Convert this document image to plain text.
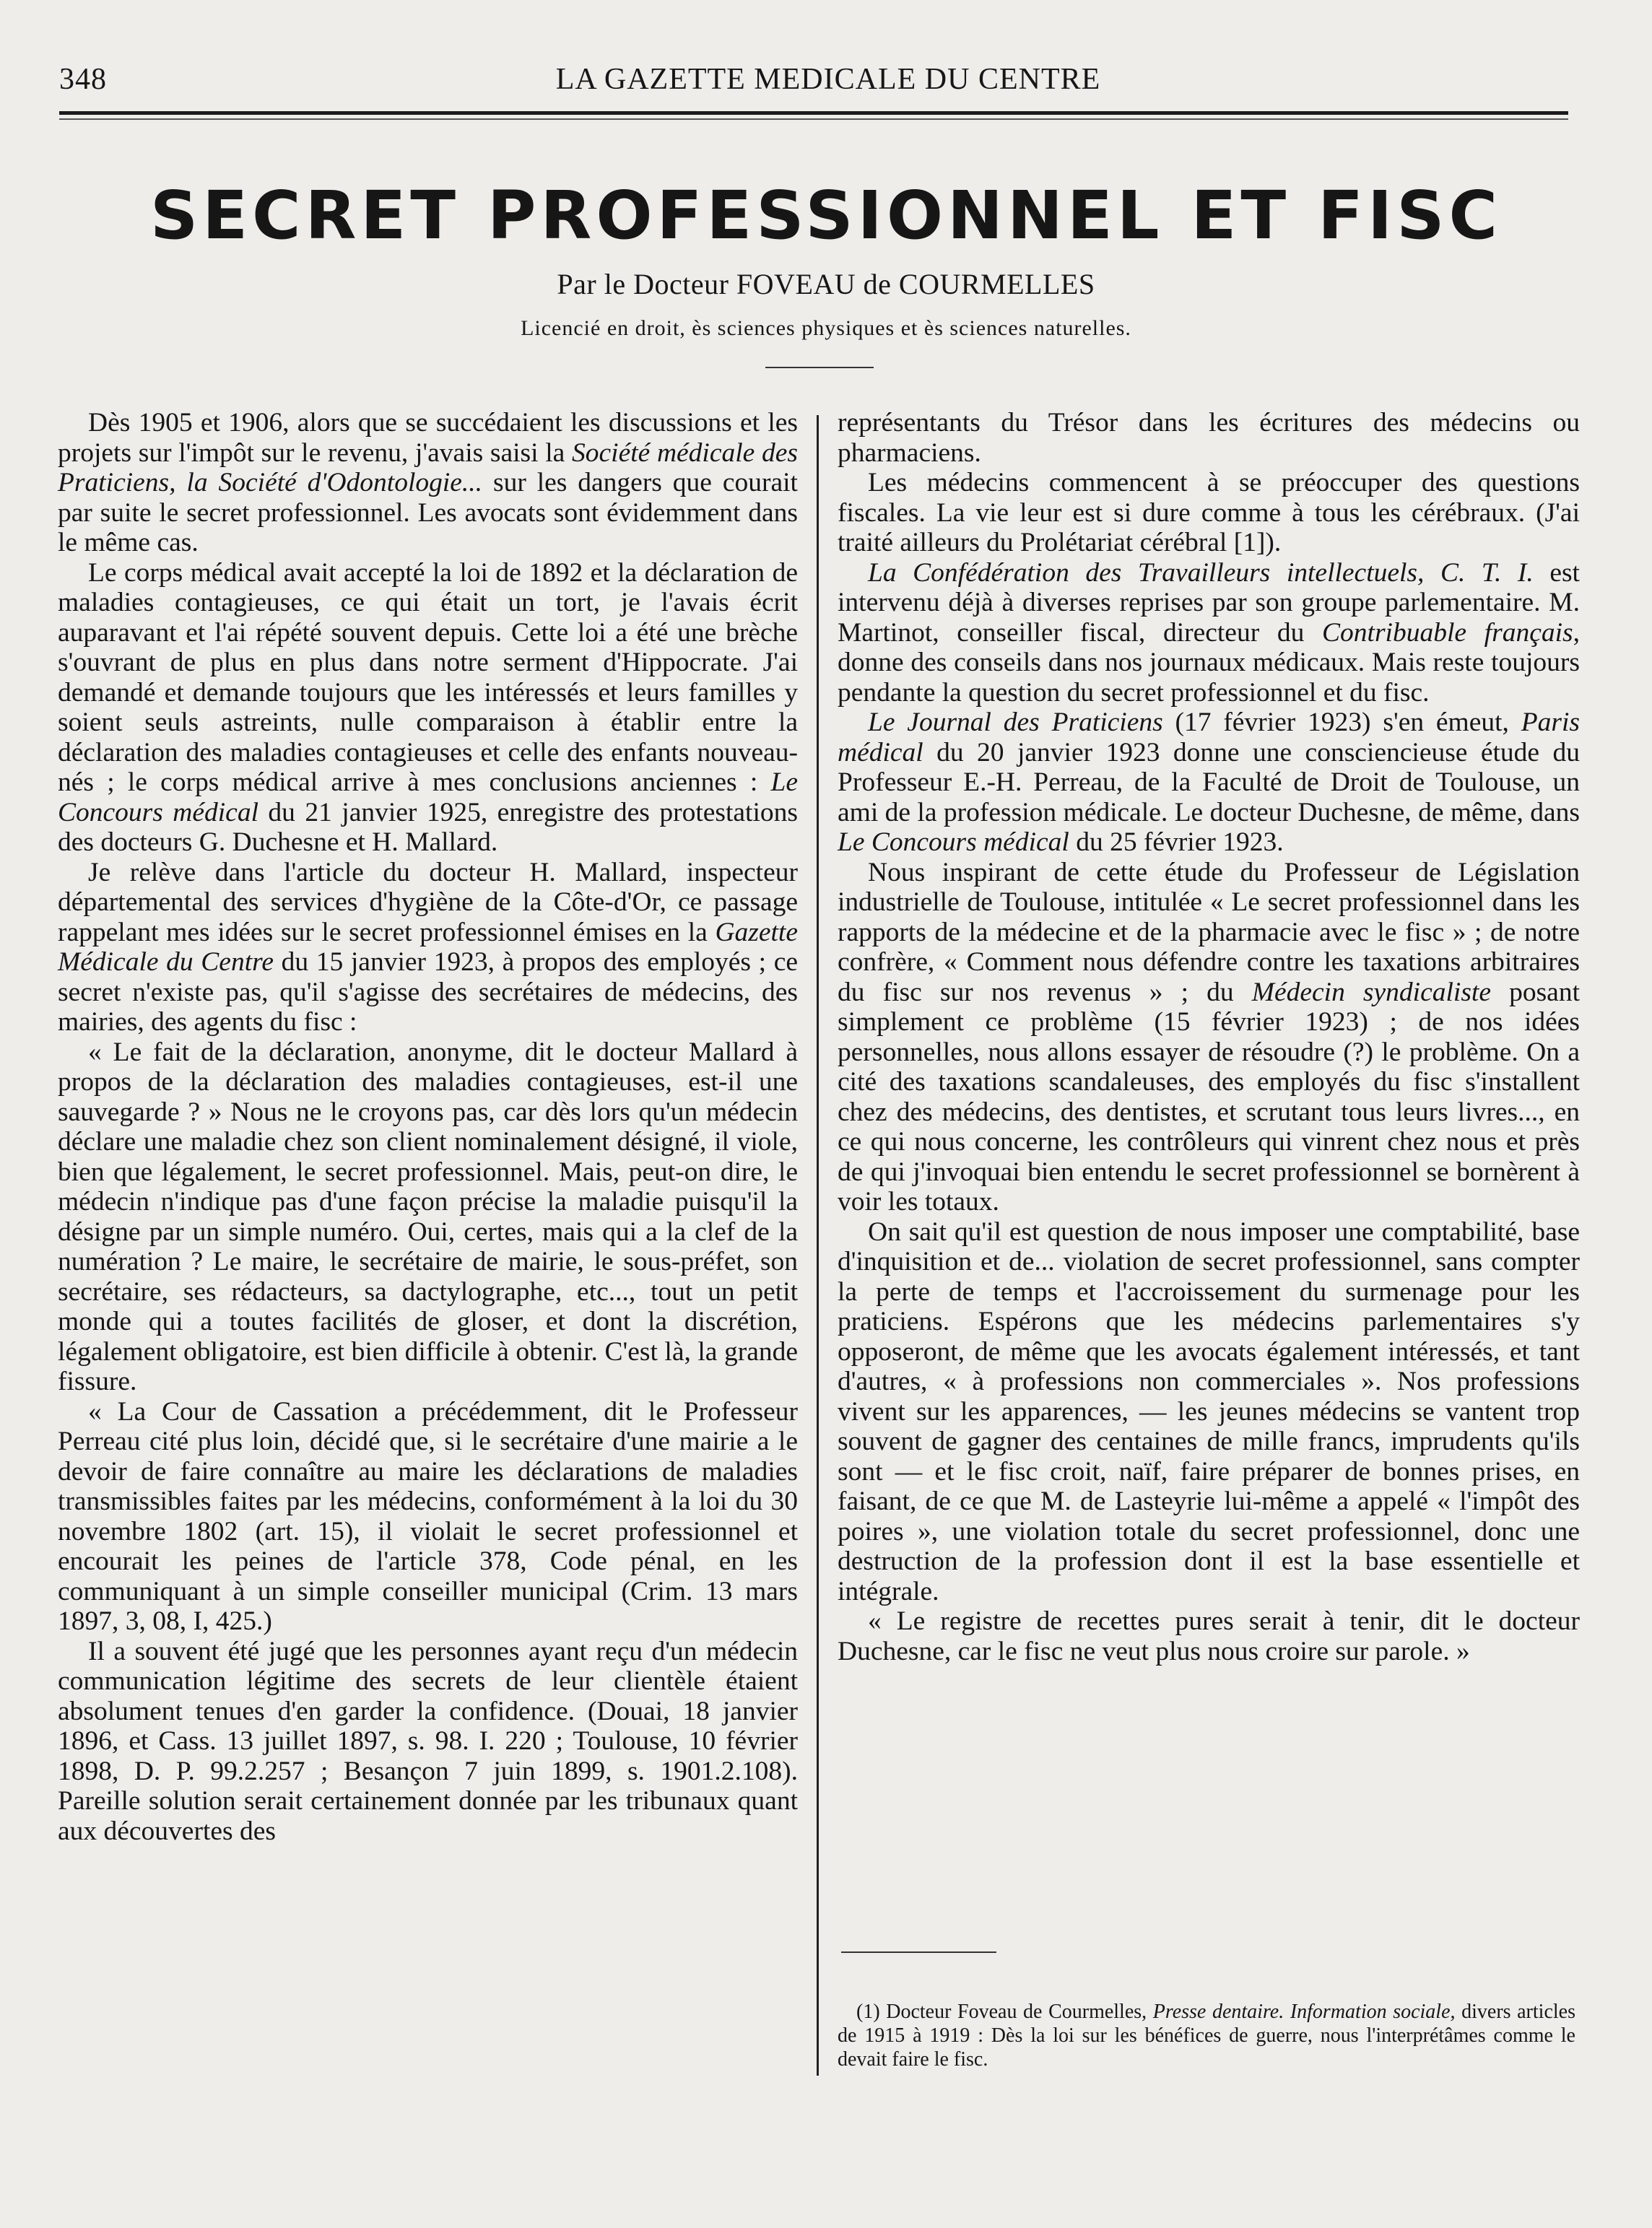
348	LA GAZETTE MEDICALE DU CENTRE
SECRET PROFESSIONNEL ET FISC
Par le Docteur FOVEAU de COURMELLES
Licencié en droit, ès sciences physiques et ès sciences naturelles.

Dès 1905 et 1906, alors que se succédaient les discussions et les projets sur l'impôt sur le revenu, j'avais saisi la Société médicale des Praticiens, la Société d'Odontologie... sur les dangers que courait par suite le secret professionnel. Les avocats sont évidemment dans le même cas.

Le corps médical avait accepté la loi de 1892 et la déclaration de maladies contagieuses, ce qui était un tort, je l'avais écrit auparavant et l'ai répété souvent depuis. Cette loi a été une brèche s'ouvrant de plus en plus dans notre serment d'Hippocrate. J'ai demandé et demande toujours que les intéressés et leurs familles y soient seuls astreints, nulle comparaison à établir entre la déclaration des maladies contagieuses et celle des enfants nouveau-nés ; le corps médical arrive à mes conclusions anciennes : Le Concours médical du 21 janvier 1925, enregistre des protestations des docteurs G. Duchesne et H. Mallard.

Je relève dans l'article du docteur H. Mallard, inspecteur départemental des services d'hygiène de la Côte-d'Or, ce passage rappelant mes idées sur le secret professionnel émises en la Gazette Médicale du Centre du 15 janvier 1923, à propos des employés ; ce secret n'existe pas, qu'il s'agisse des secrétaires de médecins, des mairies, des agents du fisc :

« Le fait de la déclaration, anonyme, dit le docteur Mallard à propos de la déclaration des maladies contagieuses, est-il une sauvegarde ? » Nous ne le croyons pas, car dès lors qu'un médecin déclare une maladie chez son client nominalement désigné, il viole, bien que légalement, le secret professionnel. Mais, peut-on dire, le médecin n'indique pas d'une façon précise la maladie puisqu'il la désigne par un simple numéro. Oui, certes, mais qui a la clef de la numération ? Le maire, le secrétaire de mairie, le sous-préfet, son secrétaire, ses rédacteurs, sa dactylographe, etc..., tout un petit monde qui a toutes facilités de gloser, et dont la discrétion, légalement obligatoire, est bien difficile à obtenir. C'est là, la grande fissure.

« La Cour de Cassation a précédemment, dit le Professeur Perreau cité plus loin, décidé que, si le secrétaire d'une mairie a le devoir de faire connaître au maire les déclarations de maladies transmissibles faites par les médecins, conformément à la loi du 30 novembre 1802 (art. 15), il violait le secret professionnel et encourait les peines de l'article 378, Code pénal, en les communiquant à un simple conseiller municipal (Crim. 13 mars 1897, 3, 08, I, 425.)

Il a souvent été jugé que les personnes ayant reçu d'un médecin communication légitime des secrets de leur clientèle étaient absolument tenues d'en garder la confidence. (Douai, 18 janvier 1896, et Cass. 13 juillet 1897, s. 98. I. 220 ; Toulouse, 10 février 1898, D. P. 99.2.257 ; Besançon 7 juin 1899, s. 1901.2.108). Pareille solution serait certainement donnée par les tribunaux quant aux découvertes des

représentants du Trésor dans les écritures des médecins ou pharmaciens.

Les médecins commencent à se préoccuper des questions fiscales. La vie leur est si dure comme à tous les cérébraux. (J'ai traité ailleurs du Prolétariat cérébral [1]).

La Confédération des Travailleurs intellectuels, C. T. I. est intervenu déjà à diverses reprises par son groupe parlementaire. M. Martinot, conseiller fiscal, directeur du Contribuable français, donne des conseils dans nos journaux médicaux. Mais reste toujours pendante la question du secret professionnel et du fisc.

Le Journal des Praticiens (17 février 1923) s'en émeut, Paris médical du 20 janvier 1923 donne une consciencieuse étude du Professeur E.-H. Perreau, de la Faculté de Droit de Toulouse, un ami de la profession médicale. Le docteur Duchesne, de même, dans Le Concours médical du 25 février 1923.

Nous inspirant de cette étude du Professeur de Législation industrielle de Toulouse, intitulée « Le secret professionnel dans les rapports de la médecine et de la pharmacie avec le fisc » ; de notre confrère, « Comment nous défendre contre les taxations arbitraires du fisc sur nos revenus » ; du Médecin syndicaliste posant simplement ce problème (15 février 1923) ; de nos idées personnelles, nous allons essayer de résoudre (?) le problème. On a cité des taxations scandaleuses, des employés du fisc s'installent chez des médecins, des dentistes, et scrutant tous leurs livres..., en ce qui nous concerne, les contrôleurs qui vinrent chez nous et près de qui j'invoquai bien entendu le secret professionnel se bornèrent à voir les totaux.

On sait qu'il est question de nous imposer une comptabilité, base d'inquisition et de... violation de secret professionnel, sans compter la perte de temps et l'accroissement du surmenage pour les praticiens. Espérons que les médecins parlementaires s'y opposeront, de même que les avocats également intéressés, et tant d'autres, « à professions non commerciales ». Nos professions vivent sur les apparences, — les jeunes médecins se vantent trop souvent de gagner des centaines de mille francs, imprudents qu'ils sont — et le fisc croit, naïf, faire préparer de bonnes prises, en faisant, de ce que M. de Lasteyrie lui-même a appelé « l'impôt des poires », une violation totale du secret professionnel, donc une destruction de la profession dont il est la base essentielle et intégrale.

« Le registre de recettes pures serait à tenir, dit le docteur Duchesne, car le fisc ne veut plus nous croire sur parole. »

(1) Docteur Foveau de Courmelles, Presse dentaire. Information sociale, divers articles de 1915 à 1919 : Dès la loi sur les bénéfices de guerre, nous l'interprétâmes comme le devait faire le fisc.
